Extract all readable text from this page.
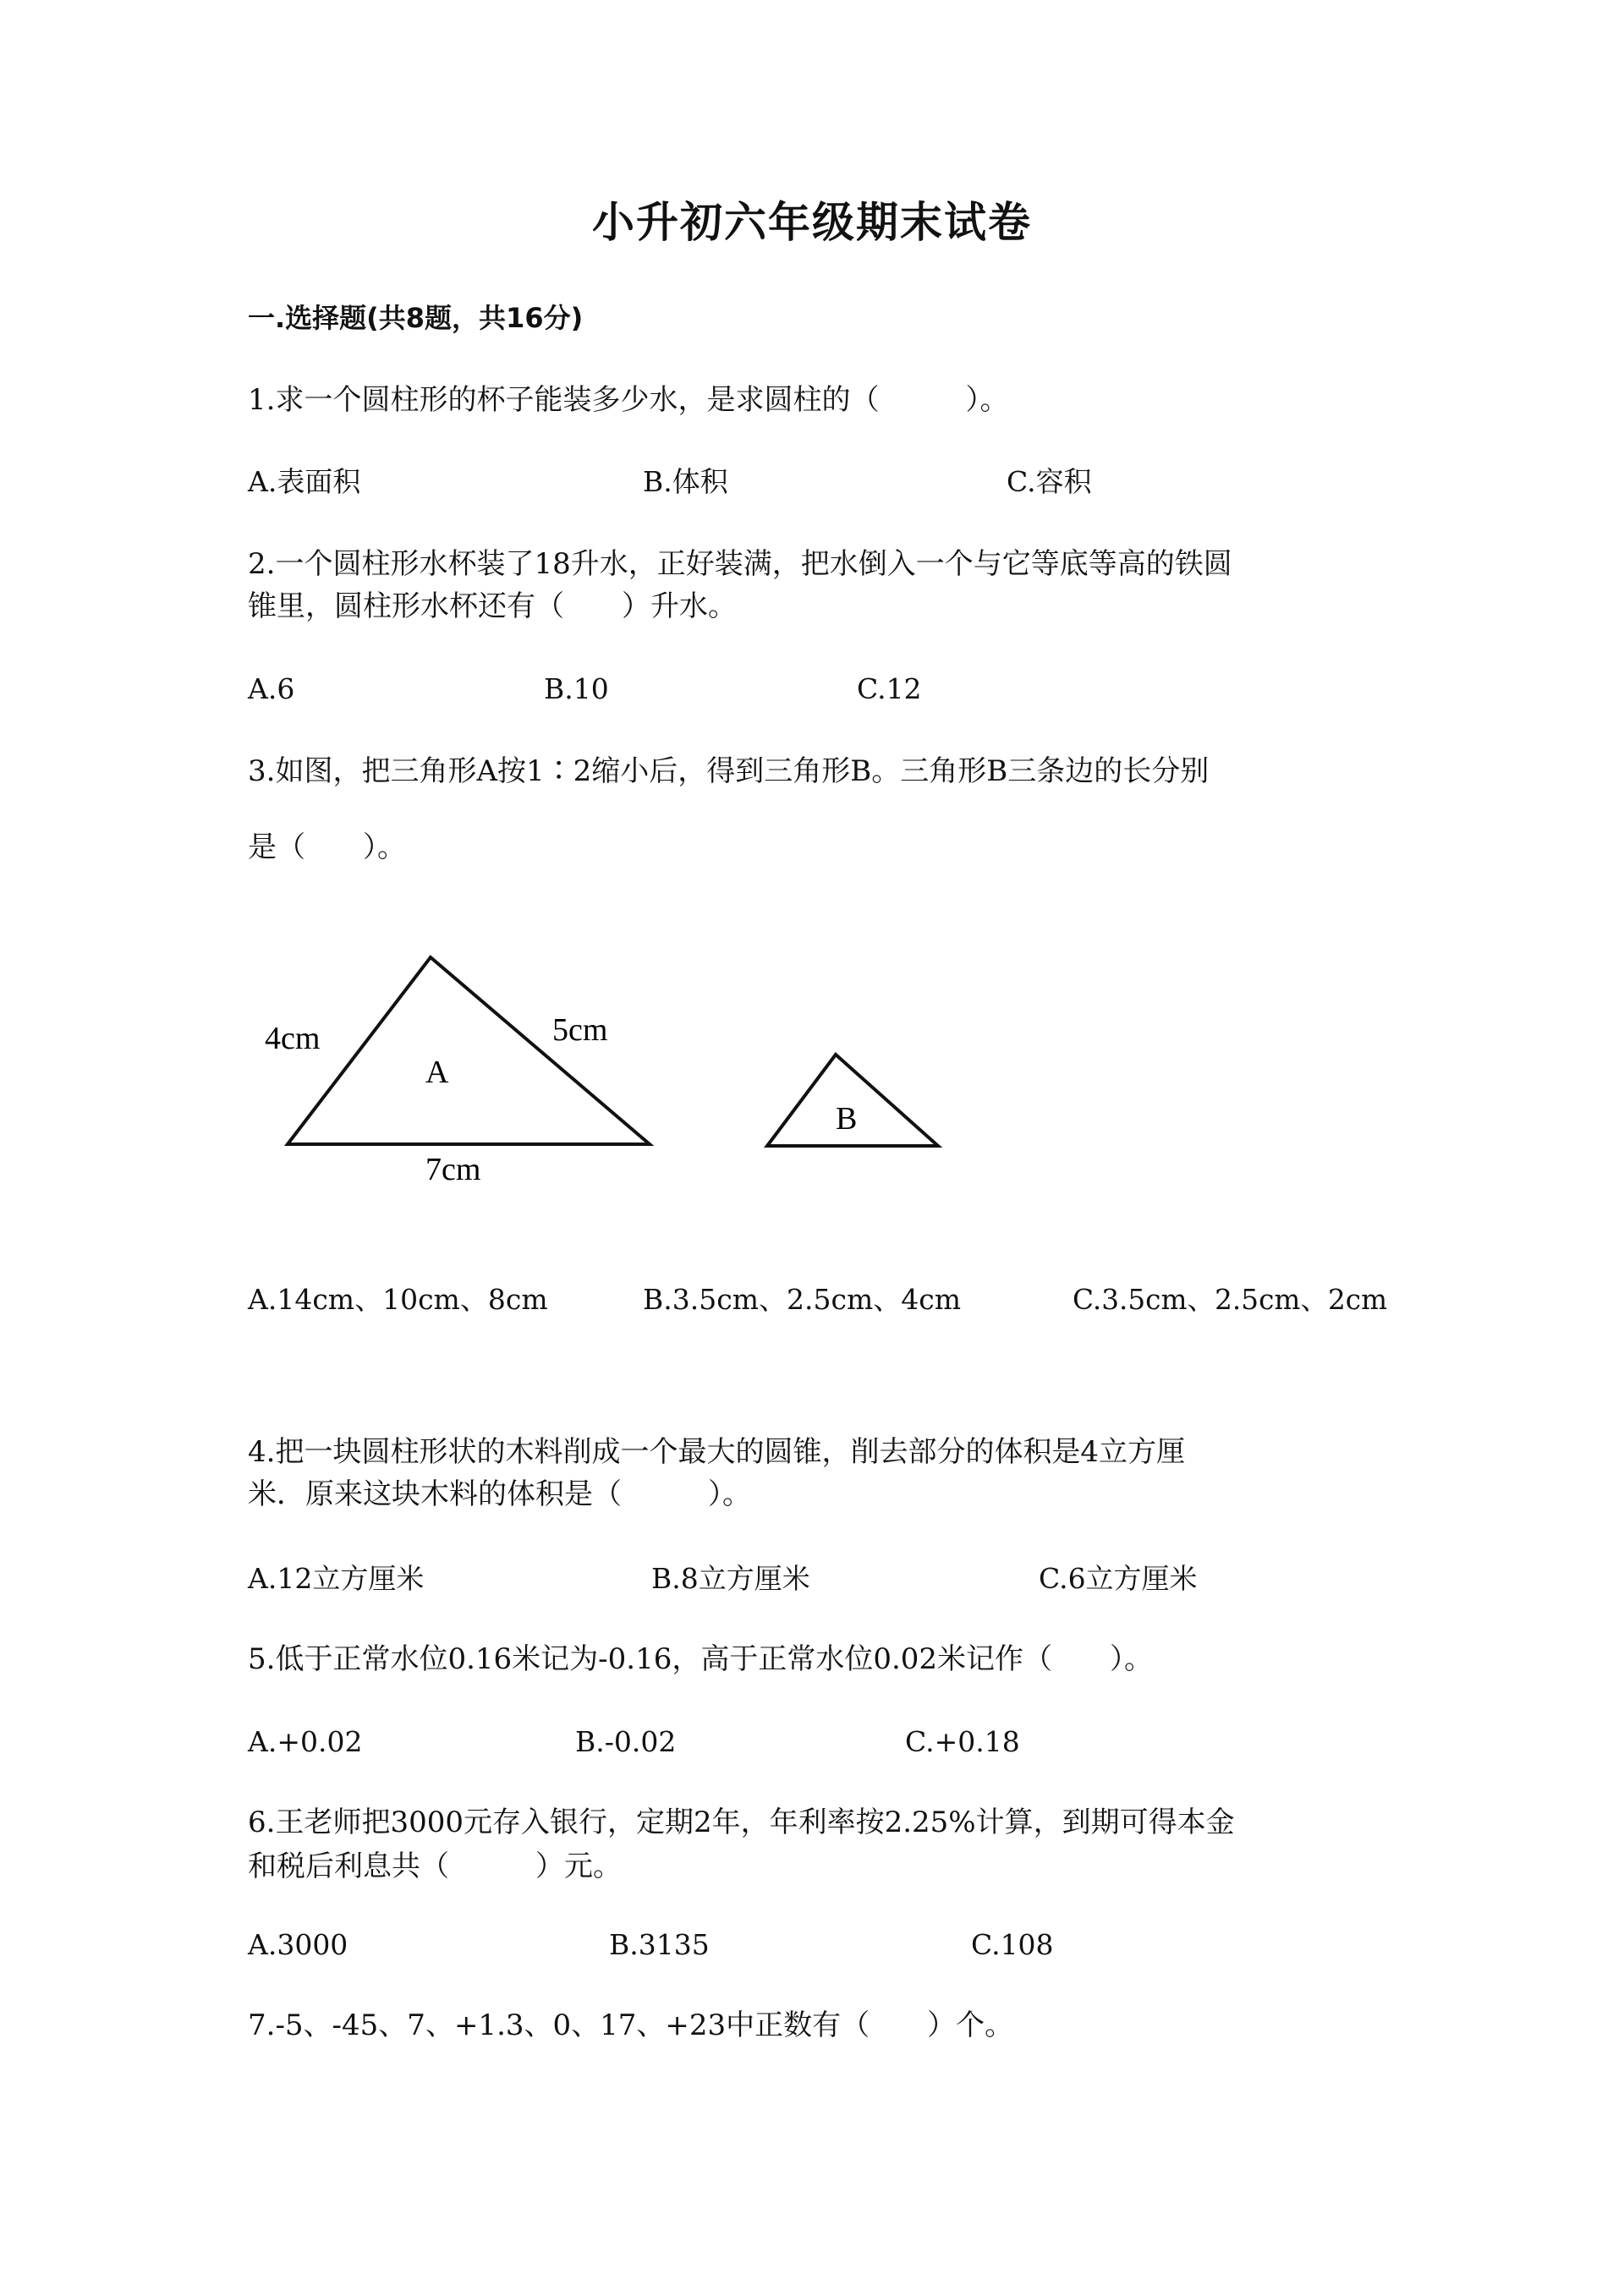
小升初六年级期末试卷
一.选择题(共8题，共16分)
1.求一个圆柱形的杯子能装多少水，是求圆柱的（　　　）。
A.表面积	B.体积	C.容积
2.一个圆柱形水杯装了18升水，正好装满，把水倒入一个与它等底等高的铁圆
锥里，圆柱形水杯还有（　　）升水。
A.6	B.10	C.12
3.如图，把三角形A按1∶2缩小后，得到三角形B。三角形B三条边的长分别
是（　　）。
4cm	5cm
A
7cm
B
A.14cm、10cm、8cm	B.3.5cm、2.5cm、4cm	C.3.5cm、2.5cm、2cm
4.把一块圆柱形状的木料削成一个最大的圆锥，削去部分的体积是4立方厘
米．原来这块木料的体积是（　　　）。
A.12立方厘米	B.8立方厘米	C.6立方厘米
5.低于正常水位0.16米记为-0.16，高于正常水位0.02米记作（　　）。
A.+0.02	B.-0.02	C.+0.18
6.王老师把3000元存入银行，定期2年，年利率按2.25%计算，到期可得本金
和税后利息共（　　　）元。
A.3000	B.3135	C.108
7.-5、-45、7、+1.3、0、17、+23中正数有（　　）个。
